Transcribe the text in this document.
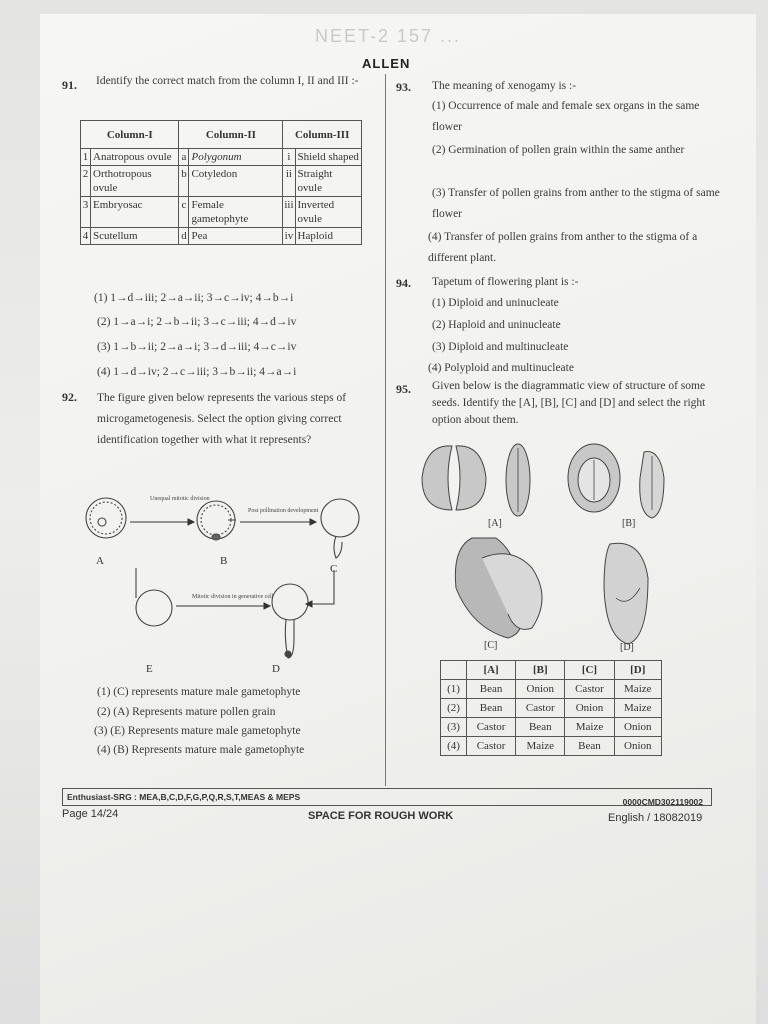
NEET-2 157 ...
ALLEN
91. Identify the correct match from the column I, II and III :-
Column-I		Column-II		Column-III	
1	Anatropous ovule	a	Polygonum	i	Shield shaped
2	Orthotropous ovule	b	Cotyledon	ii	Straight ovule
3	Embryosac	c	Female gametophyte	iii	Inverted ovule
4	Scutellum	d	Pea	iv	Haploid
(1) 1→d→iii; 2→a→ii; 3→c→iv; 4→b→i
(2) 1→a→i; 2→b→ii; 3→c→iii; 4→d→iv
(3) 1→b→ii; 2→a→i; 3→d→iii; 4→c→iv
(4) 1→d→iv; 2→c→iii; 3→b→ii; 4→a→i
92. The figure given below represents the various steps of microgametogenesis. Select the option giving correct identification together with what it represents?
Unequal mitotic division
Post pollination development
Mitotic division in generative cell
A	B
C
D
E
(1) (C) represents mature male gametophyte
(2) (A) Represents mature pollen grain
(3) (E) Represents mature male gametophyte
(4) (B) Represents mature male gametophyte
93. The meaning of xenogamy is :-
(1) Occurrence of male and female sex organs in the same flower
(2) Germination of pollen grain within the same anther
(3) Transfer of pollen grains from anther to the stigma of same flower
(4) Transfer of pollen grains from anther to the stigma of a different plant.
94. Tapetum of flowering plant is :-
(1) Diploid and uninucleate
(2) Haploid and uninucleate
(3) Diploid and multinucleate
(4) Polyploid and multinucleate
95. Given below is the diagrammatic view of structure of some seeds. Identify the [A], [B], [C] and [D] and select the right option about them.
[A]	[B]
[C]	[D]
	[A]	[B]	[C]	[D]
(1)	Bean	Onion	Castor	Maize
(2)	Bean	Castor	Onion	Maize
(3)	Castor	Bean	Maize	Onion
(4)	Castor	Maize	Bean	Onion
Enthusiast-SRG : MEA,B,C,D,F,G,P,Q,R,S,T,MEAS & MEPS	0000CMD302119002
Page 14/24	SPACE FOR ROUGH WORK	English / 18082019
